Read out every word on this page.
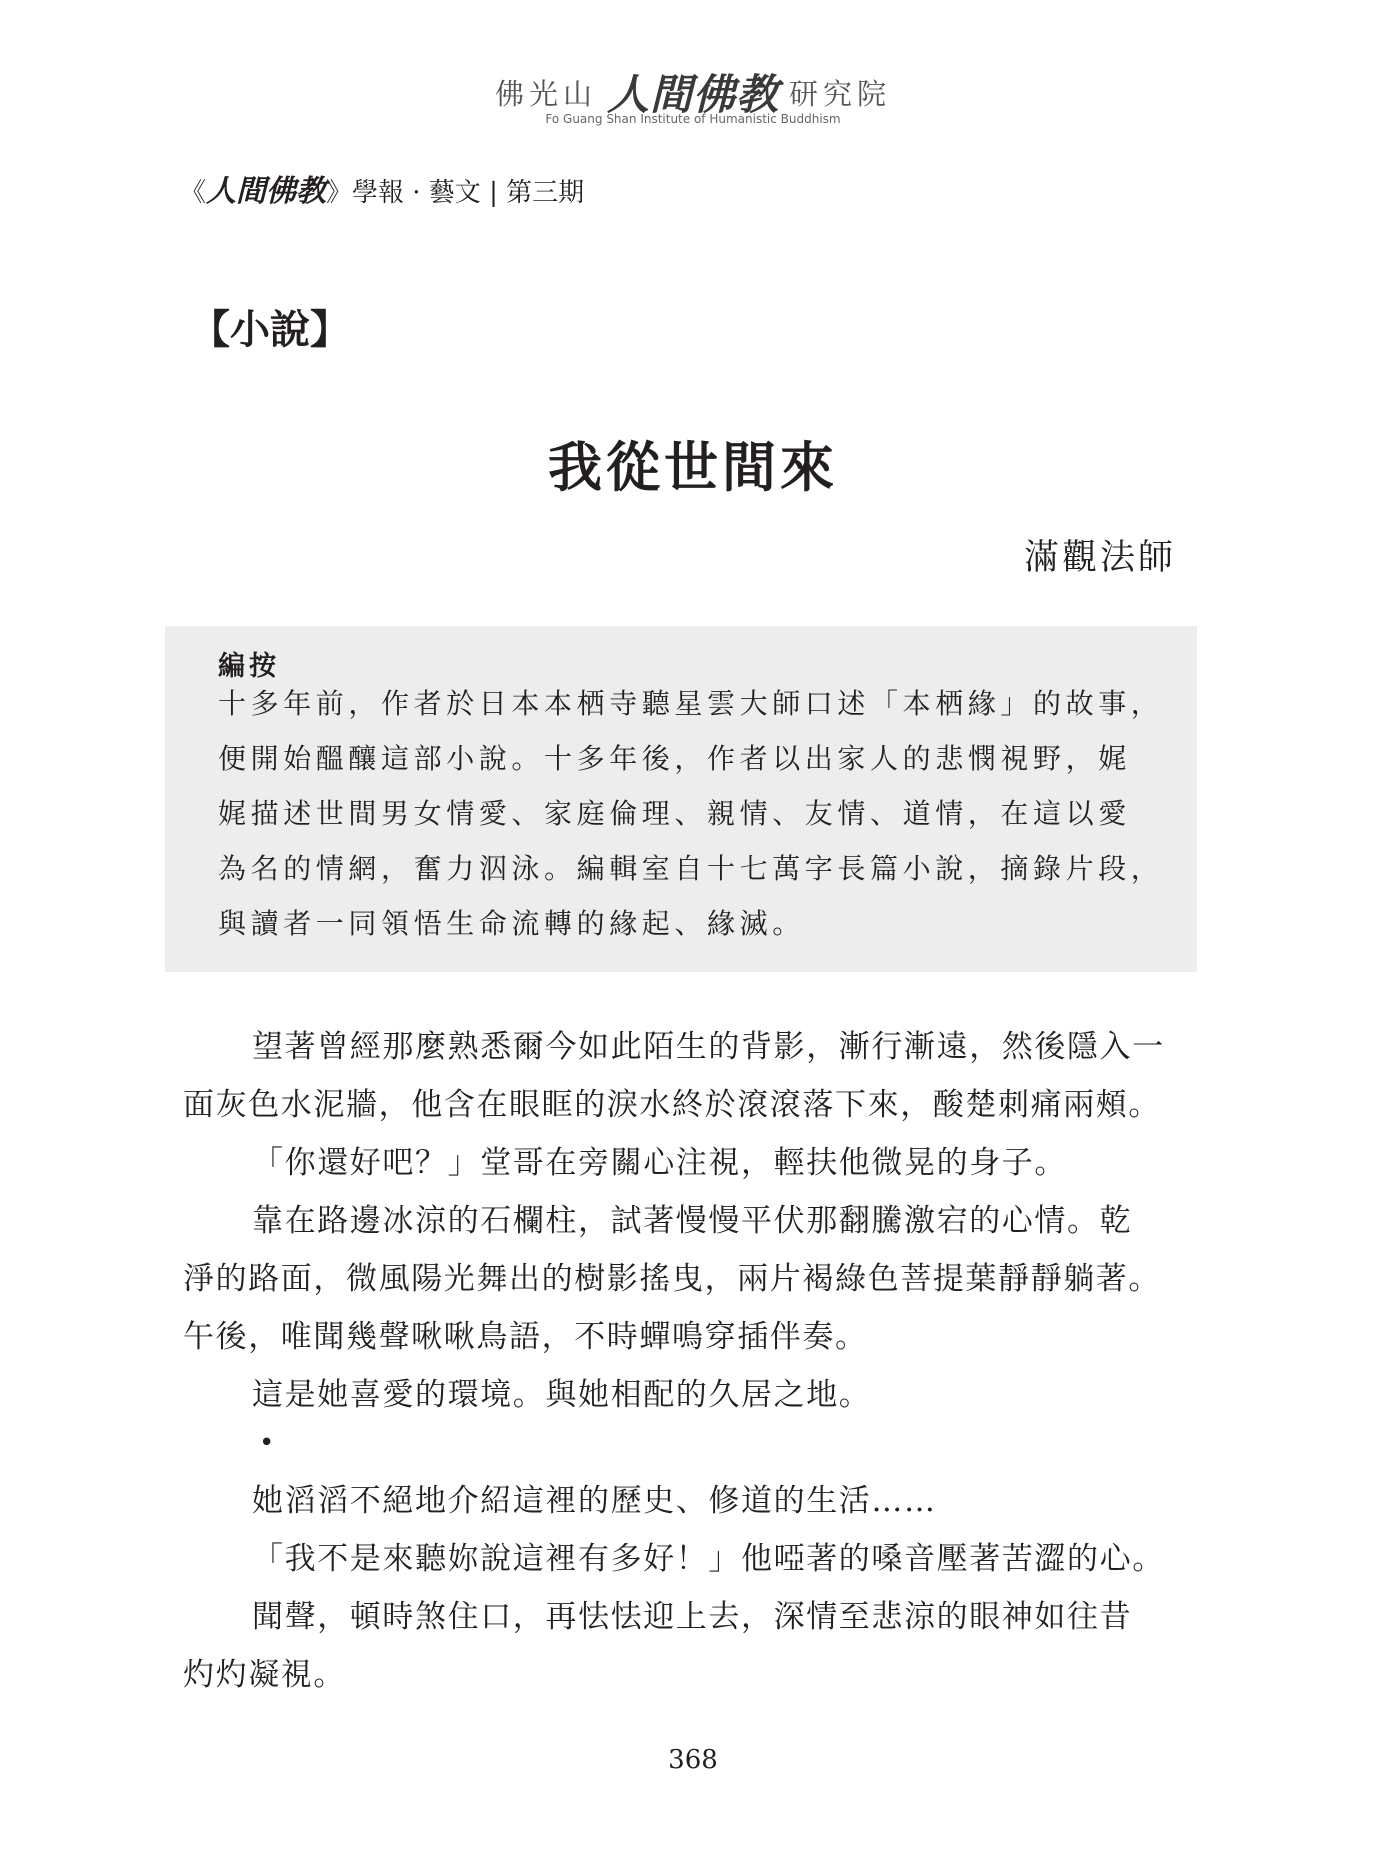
佛光山 人間佛教 研究院
Fo Guang Shan Institute of Humanistic Buddhism
《人間佛教》學報 · 藝文 | 第三期
【小說】
我從世間來
滿觀法師
編按
十多年前，作者於日本本栖寺聽星雲大師口述「本栖緣」的故事，
便開始醞釀這部小說。十多年後，作者以出家人的悲憫視野，娓
娓描述世間男女情愛、家庭倫理、親情、友情、道情，在這以愛
為名的情網，奮力泅泳。編輯室自十七萬字長篇小說，摘錄片段，
與讀者一同領悟生命流轉的緣起、緣滅。
望著曾經那麼熟悉爾今如此陌生的背影，漸行漸遠，然後隱入一
面灰色水泥牆，他含在眼眶的淚水終於滾滾落下來，酸楚刺痛兩頰。
「你還好吧？」堂哥在旁關心注視，輕扶他微晃的身子。
靠在路邊冰涼的石欄柱，試著慢慢平伏那翻騰激宕的心情。乾
淨的路面，微風陽光舞出的樹影搖曳，兩片褐綠色菩提葉靜靜躺著。
午後，唯聞幾聲啾啾鳥語，不時蟬鳴穿插伴奏。
這是她喜愛的環境。與她相配的久居之地。
•
她滔滔不絕地介紹這裡的歷史、修道的生活……
「我不是來聽妳說這裡有多好！」他啞著的嗓音壓著苦澀的心。
聞聲，頓時煞住口，再怯怯迎上去，深情至悲涼的眼神如往昔
灼灼凝視。
368
